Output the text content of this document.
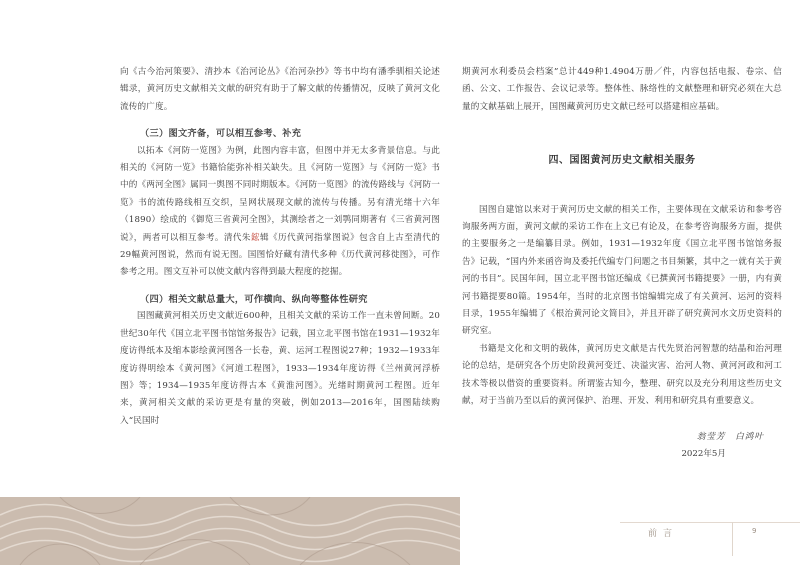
向《古今治河策要》、清抄本《治河论丛》《治河杂抄》等书中均有潘季驯相关论述辑录，黄河历史文献相关文献的研究有助于了解文献的传播情况，反映了黄河文化流传的广度。

（三）图文齐备，可以相互参考、补充

以拓本《河防一览图》为例，此图内容丰富，但图中并无太多背景信息。与此相关的《河防一览》书籍恰能弥补相关缺失。且《河防一览图》与《河防一览》书中的《两河全图》属同一舆图不同时期版本。《河防一览图》的流传路线与《河防一览》书的流传路线相互交织，呈网状展现文献的流传与传播。另有清光绪十六年（1890）绘成的《御览三省黄河全图》，其测绘者之一刘鹗同期著有《三省黄河图说》，两者可以相互参考。清代朱鋐辑《历代黄河指掌图说》包含自上古至清代的29幅黄河图说，然而有说无图。国图恰好藏有清代多种《历代黄河移徙图》，可作参考之用。图文互补可以使文献内容得到最大程度的挖掘。

（四）相关文献总量大，可作横向、纵向等整体性研究

国图藏黄河相关历史文献近600种，且相关文献的采访工作一直未曾间断。20世纪30年代《国立北平图书馆馆务报告》记载，国立北平图书馆在1931—1932年度访得纸本及缩本影绘黄河图各一长卷，黄、运河工程图说27种；1932—1933年度访得明绘本《黄河图》《河道工程图》，1933—1934年度访得《兰州黄河浮桥图》等；1934—1935年度访得古本《黄淮河图》。光绪时期黄河工程图。近年来，黄河相关文献的采访更是有量的突破，例如2013—2016年，国图陆续购入“民国时

期黄河水利委员会档案”总计449种1.4904万册／件，内容包括电报、卷宗、信函、公文、工作报告、会议记录等。整体性、脉络性的文献整理和研究必须在大总量的文献基础上展开，国图藏黄河历史文献已经可以搭建相应基础。

四、国图黄河历史文献相关服务

国图自建馆以来对于黄河历史文献的相关工作，主要体现在文献采访和参考咨询服务两方面，黄河文献的采访工作在上文已有论及，在参考咨询服务方面，提供的主要服务之一是编纂目录。例如，1931—1932年度《国立北平图书馆馆务报告》记载，“国内外来函咨询及委托代编专门问题之书目频繁，其中之一就有关于黄河的书目”。民国年间，国立北平图书馆还编成《已撰黄河书籍提要》一册，内有黄河书籍提要80篇。1954年，当时的北京图书馆编辑完成了有关黄河、运河的资料目录，1955年编辑了《根治黄河论文简目》，并且开辟了研究黄河水文历史资料的研究室。

书籍是文化和文明的载体，黄河历史文献是古代先贤治河智慧的结晶和治河理论的总结，是研究各个历史阶段黄河变迁、决溢灾害、治河人物、黄河河政和河工技术等极以借资的重要资料。所谓鉴古知今，整理、研究以及充分利用这些历史文献，对于当前乃至以后的黄河保护、治理、开发、利用和研究具有重要意义。

翁莹芳　白鸿叶
2022年5月
前言	9
